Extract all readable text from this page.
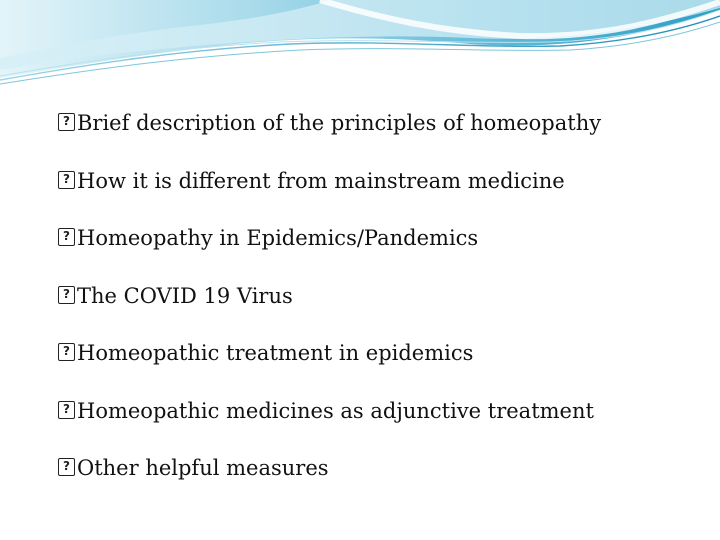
?
Brief description of the principles of homeopathy
?
How it is different from mainstream medicine
?
Homeopathy in Epidemics/Pandemics
?
The COVID 19 Virus
?
Homeopathic treatment in epidemics
?
Homeopathic medicines as adjunctive treatment
?
Other helpful measures
